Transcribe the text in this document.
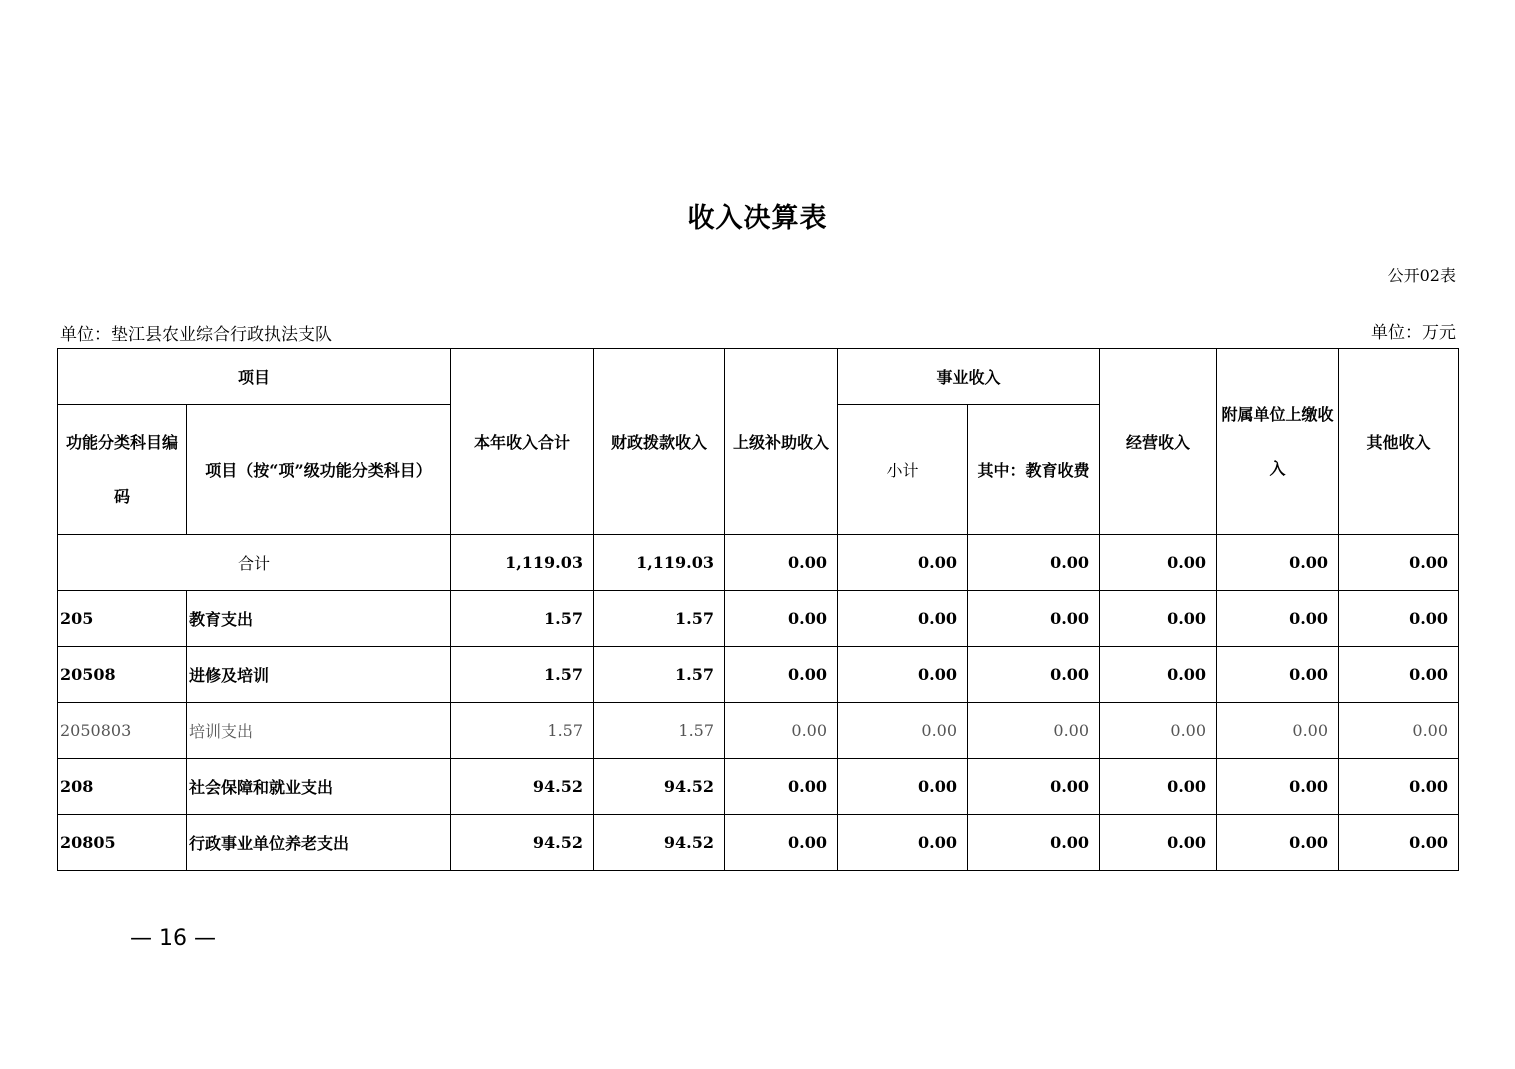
收入决算表
公开02表
单位：垫江县农业综合行政执法支队	单位：万元
项目		本年收入合计	财政拨款收入	上级补助收入	事业收入		经营收入	附属单位上缴收入	其他收入
功能分类科目编码	项目（按“项”级功能分类科目）				小计	其中：教育收费			
合计		1,119.03	1,119.03	0.00	0.00	0.00	0.00	0.00	0.00
205	教育支出	1.57	1.57	0.00	0.00	0.00	0.00	0.00	0.00
20508	进修及培训	1.57	1.57	0.00	0.00	0.00	0.00	0.00	0.00
2050803	培训支出	1.57	1.57	0.00	0.00	0.00	0.00	0.00	0.00
208	社会保障和就业支出	94.52	94.52	0.00	0.00	0.00	0.00	0.00	0.00
20805	行政事业单位养老支出	94.52	94.52	0.00	0.00	0.00	0.00	0.00	0.00
— 16 —
